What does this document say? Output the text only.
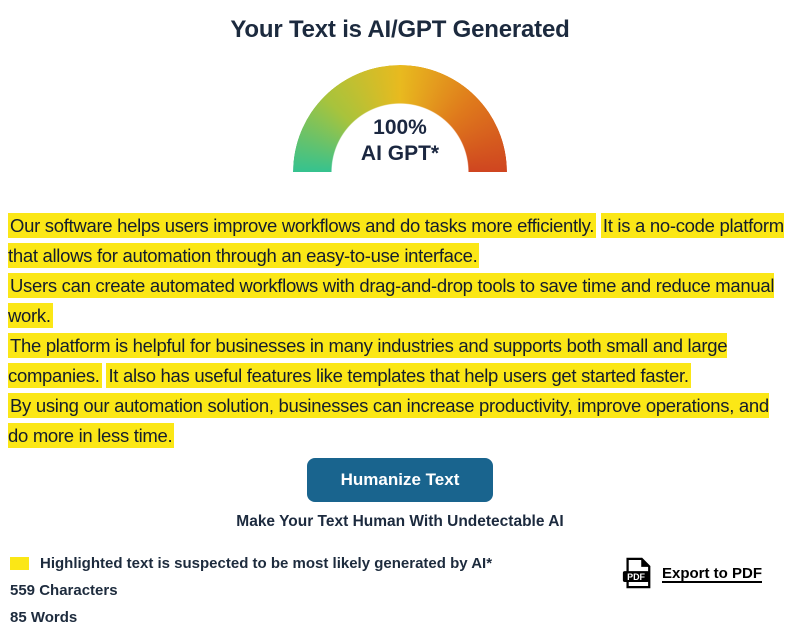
Your Text is AI/GPT Generated
100%
AI GPT*

Our software helps users improve workflows and do tasks more efficiently. It is a no-code platform that allows for automation through an easy-to-use interface.

Users can create automated workflows with drag-and-drop tools to save time and reduce manual work.

The platform is helpful for businesses in many industries and supports both small and large companies. It also has useful features like templates that help users get started faster.

By using our automation solution, businesses can increase productivity, improve operations, and do more in less time.

Humanize Text
Make Your Text Human With Undetectable AI
Highlighted text is suspected to be most likely generated by AI*
559 Characters
85 Words
PDF Export to PDF
